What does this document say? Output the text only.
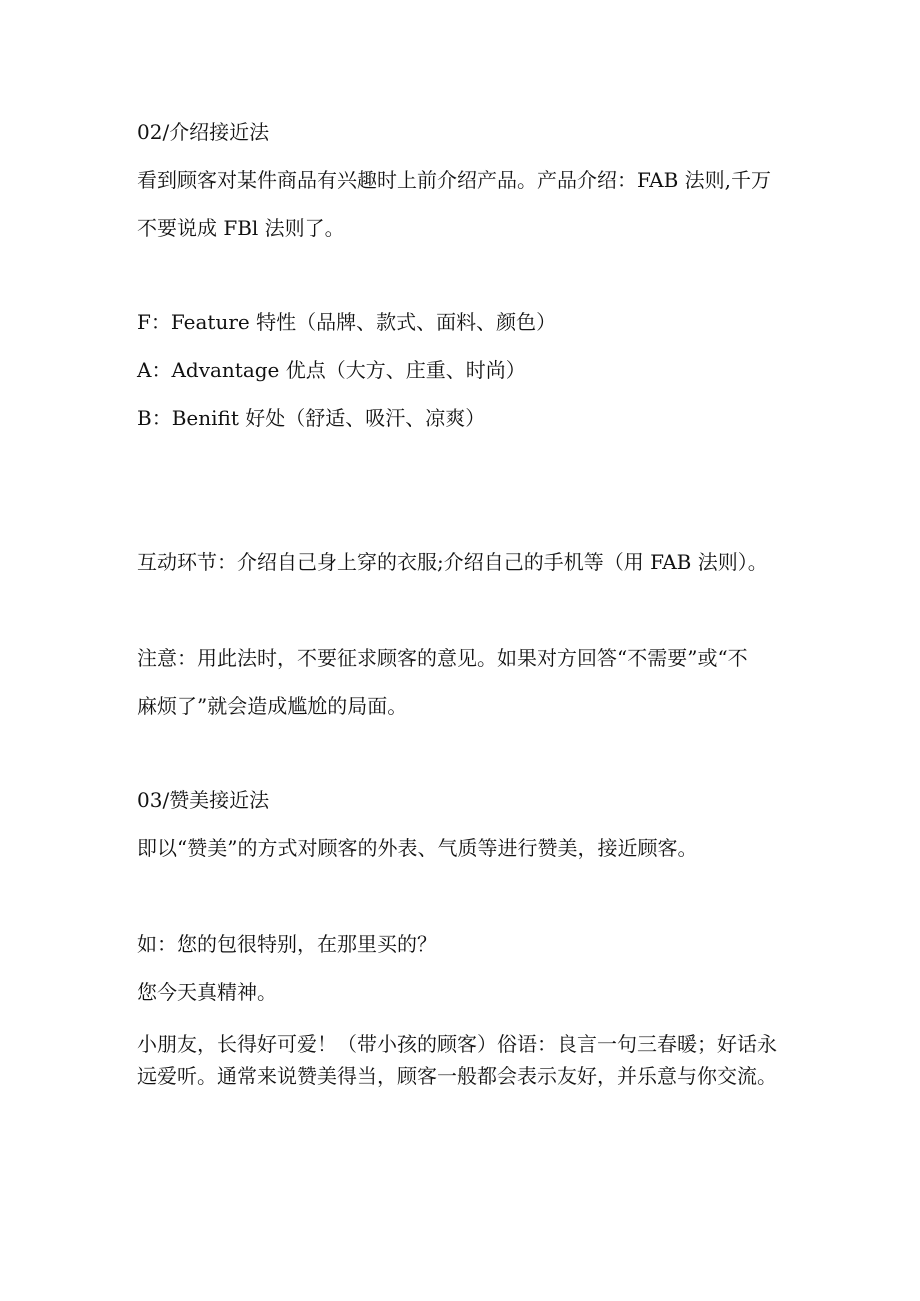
02/介绍接近法
看到顾客对某件商品有兴趣时上前介绍产品。产品介绍：FAB 法则,千万
不要说成 FBl 法则了。
F：Feature 特性（品牌、款式、面料、颜色）
A：Advantage 优点（大方、庄重、时尚）
B：Benifit 好处（舒适、吸汗、凉爽）
互动环节：介绍自己身上穿的衣服;介绍自己的手机等（用 FAB 法则）。
注意：用此法时，不要征求顾客的意见。如果对方回答“不需要”或“不
麻烦了”就会造成尴尬的局面。
03/赞美接近法
即以“赞美”的方式对顾客的外表、气质等进行赞美，接近顾客。
如：您的包很特别，在那里买的？
您今天真精神。
小朋友，长得好可爱！（带小孩的顾客）俗语：良言一句三春暖；好话永
远爱听。通常来说赞美得当，顾客一般都会表示友好，并乐意与你交流。
